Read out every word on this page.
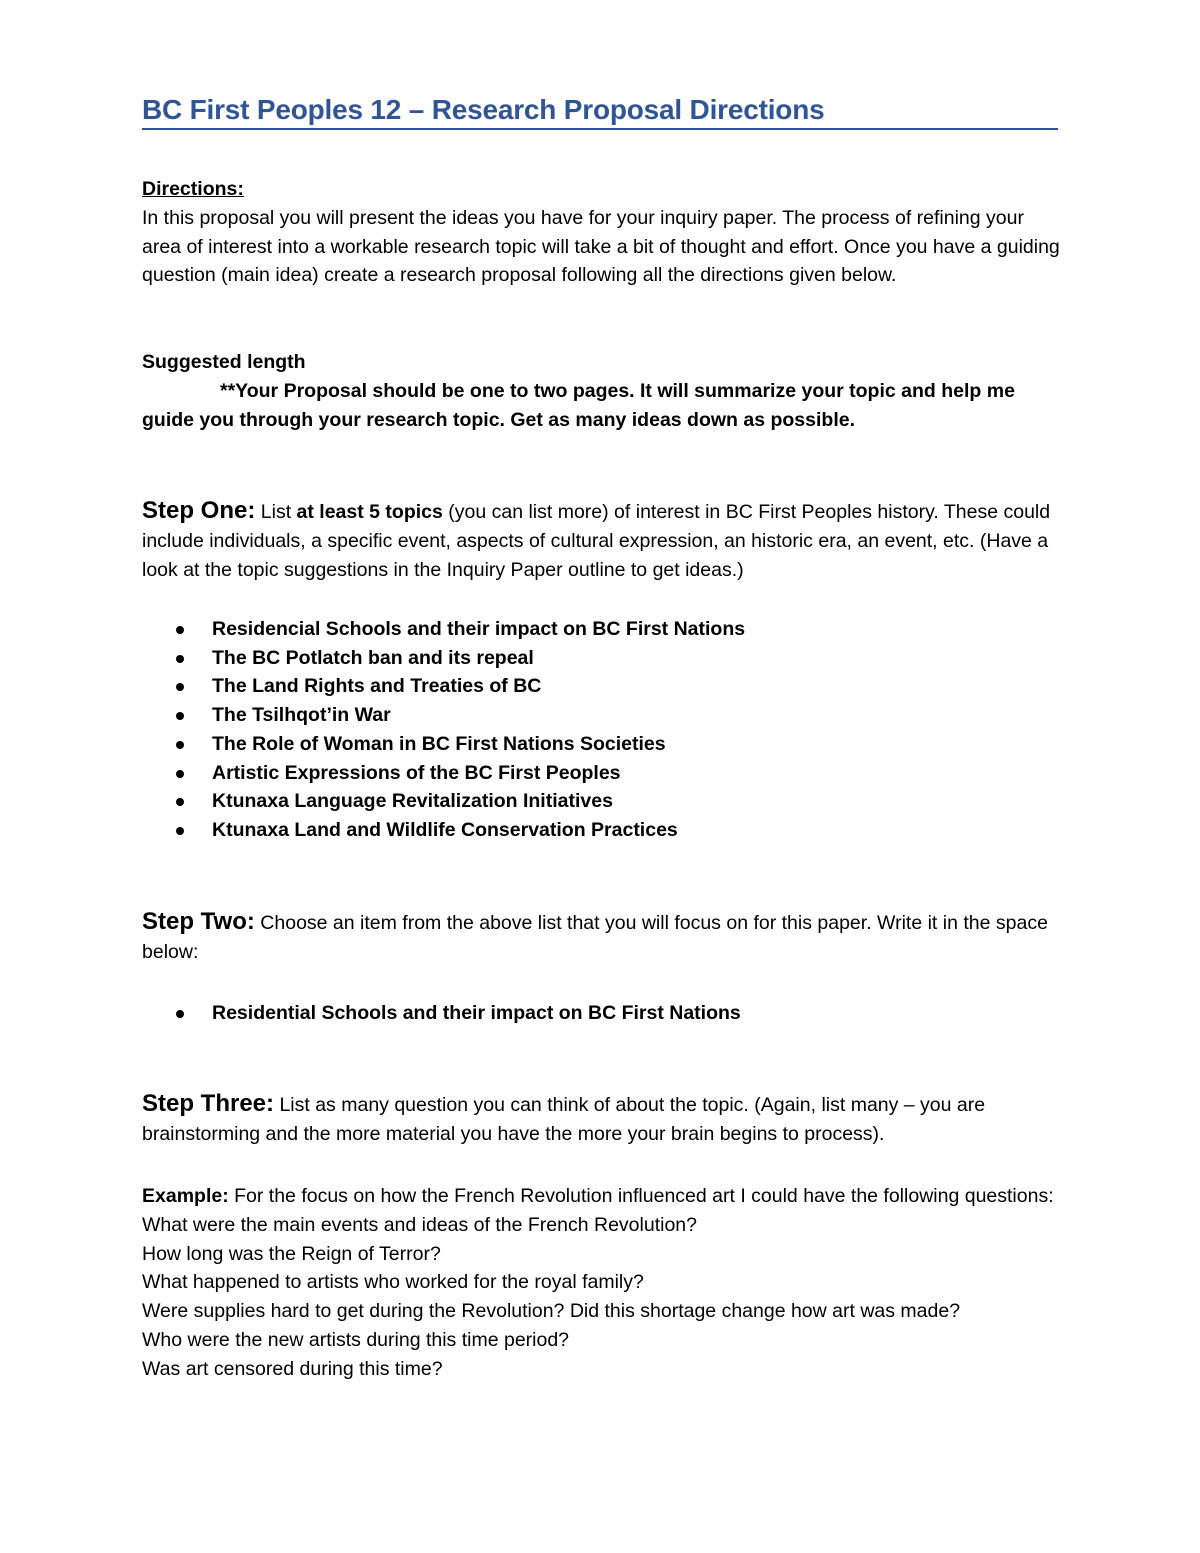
BC First Peoples 12 – Research Proposal Directions

Directions:

In this proposal you will present the ideas you have for your inquiry paper. The process of refining your area of interest into a workable research topic will take a bit of thought and effort. Once you have a guiding question (main idea) create a research proposal following all the directions given below.

Suggested length

**Your Proposal should be one to two pages. It will summarize your topic and help me guide you through your research topic. Get as many ideas down as possible.

Step One: List at least 5 topics (you can list more) of interest in BC First Peoples history. These could include individuals, a specific event, aspects of cultural expression, an historic era, an event, etc. (Have a look at the topic suggestions in the Inquiry Paper outline to get ideas.)

Residencial Schools and their impact on BC First Nations
The BC Potlatch ban and its repeal
The Land Rights and Treaties of BC
The Tsilhqot’in War
The Role of Woman in BC First Nations Societies
Artistic Expressions of the BC First Peoples
Ktunaxa Language Revitalization Initiatives
Ktunaxa Land and Wildlife Conservation Practices

Step Two: Choose an item from the above list that you will focus on for this paper. Write it in the space below:

Residential Schools and their impact on BC First Nations

Step Three: List as many question you can think of about the topic. (Again, list many – you are brainstorming and the more material you have the more your brain begins to process).

Example: For the focus on how the French Revolution influenced art I could have the following questions:

What were the main events and ideas of the French Revolution?

How long was the Reign of Terror?

What happened to artists who worked for the royal family?

Were supplies hard to get during the Revolution? Did this shortage change how art was made?

Who were the new artists during this time period?

Was art censored during this time?
